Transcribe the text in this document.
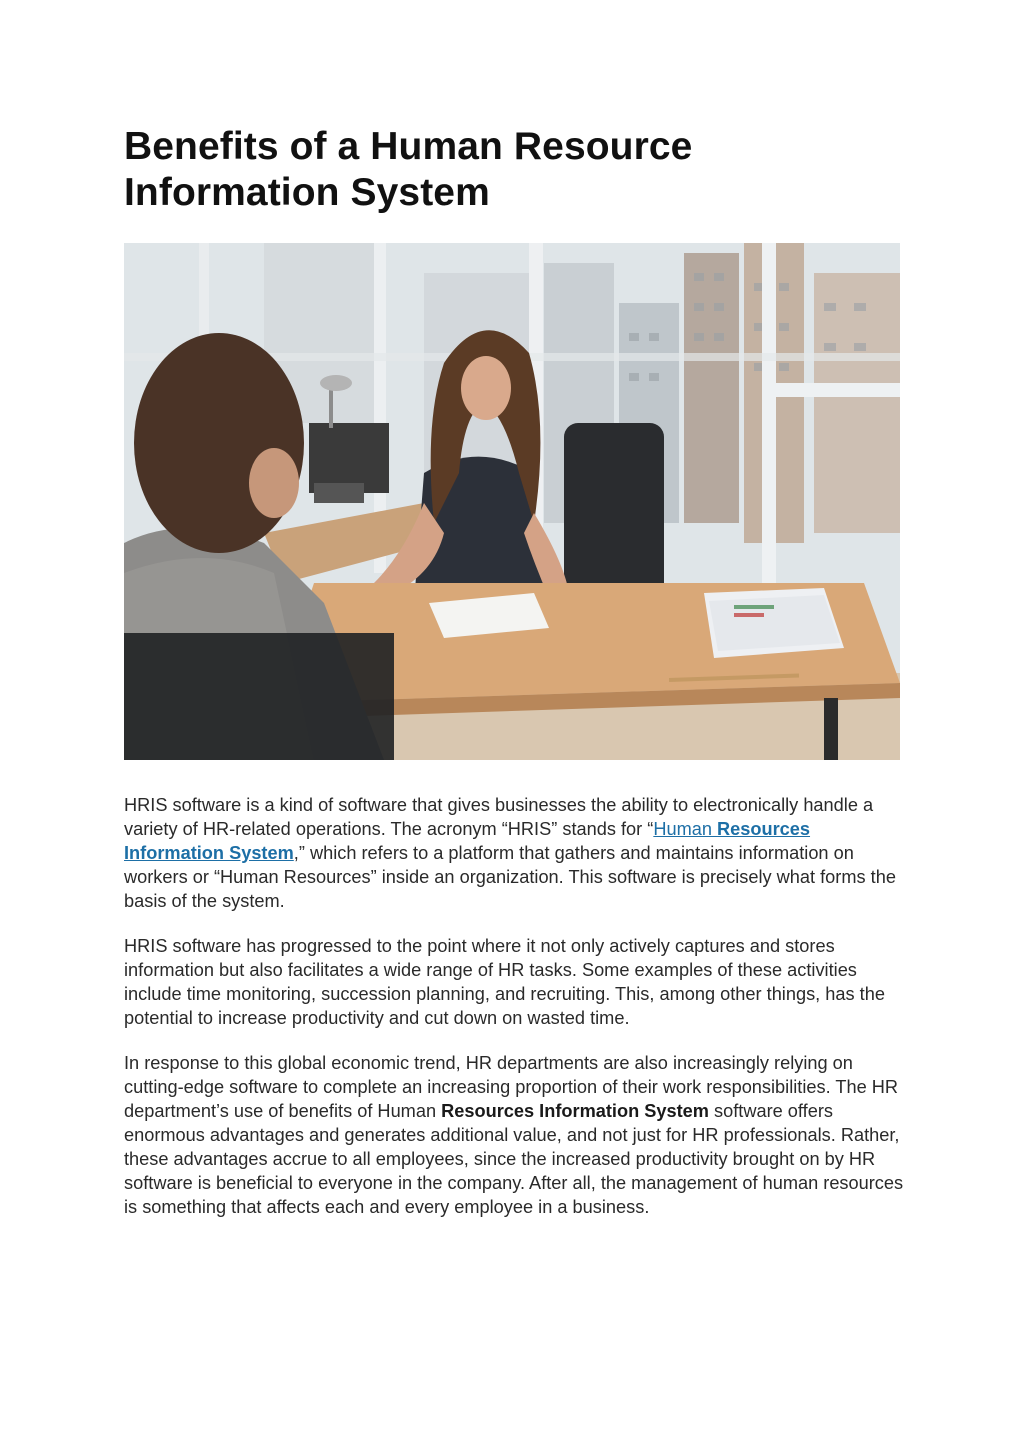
Benefits of a Human Resource
Information System

HRIS software is a kind of software that gives businesses the ability to electronically handle a variety of HR-related operations. The acronym “HRIS” stands for “Human Resources Information System,” which refers to a platform that gathers and maintains information on workers or “Human Resources” inside an organization. This software is precisely what forms the basis of the system.

HRIS software has progressed to the point where it not only actively captures and stores information but also facilitates a wide range of HR tasks. Some examples of these activities include time monitoring, succession planning, and recruiting. This, among other things, has the potential to increase productivity and cut down on wasted time.

In response to this global economic trend, HR departments are also increasingly relying on cutting-edge software to complete an increasing proportion of their work responsibilities. The HR department’s use of benefits of Human Resources Information System software offers enormous advantages and generates additional value, and not just for HR professionals. Rather, these advantages accrue to all employees, since the increased productivity brought on by HR software is beneficial to everyone in the company. After all, the management of human resources is something that affects each and every employee in a business.
